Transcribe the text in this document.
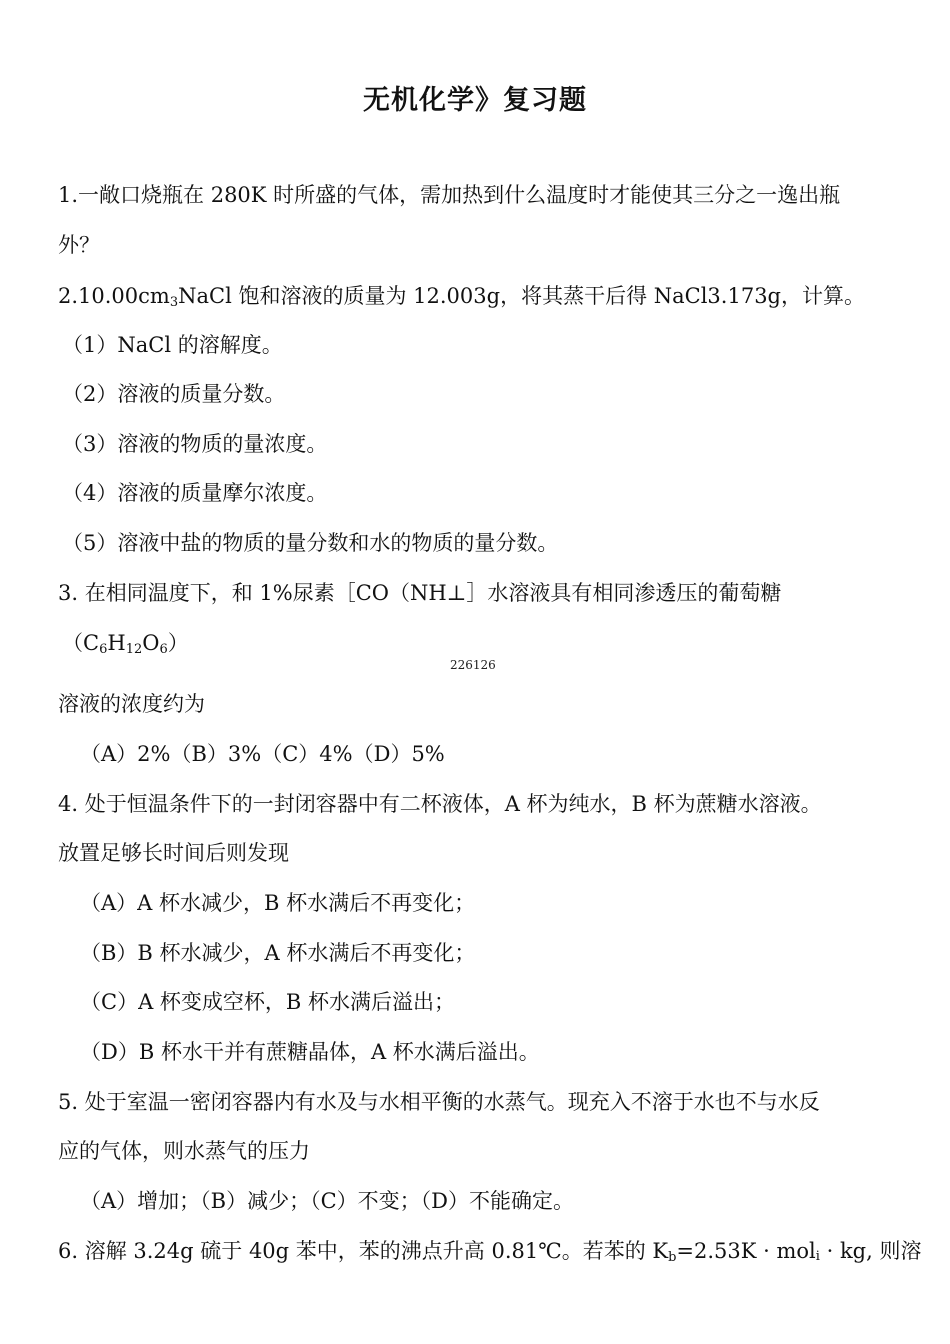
无机化学》复习题
1.一敞口烧瓶在 280K 时所盛的气体，需加热到什么温度时才能使其三分之一逸出瓶
外？
$2.10.00cm_3NaCl$ 饱和溶液的质量为 12.003g，将其蒸干后得 NaCl3.173g，计算。
（1）NaCl 的溶解度。
（2）溶液的质量分数。
（3）溶液的物质的量浓度。
（4）溶液的质量摩尔浓度。
（5）溶液中盐的物质的量分数和水的物质的量分数。
3. 在相同温度下，和 1%尿素［CO（NH⊥］水溶液具有相同渗透压的葡萄糖
$(C_6H_{12}O_6)$
226126
溶液的浓度约为
（A）2%（B）3%（C）4%（D）5%
4. 处于恒温条件下的一封闭容器中有二杯液体，A 杯为纯水，B 杯为蔗糖水溶液。
放置足够长时间后则发现
（A）A 杯水减少，B 杯水满后不再变化；
（B）B 杯水减少，A 杯水满后不再变化；
（C）A 杯变成空杯，B 杯水满后溢出；
（D）B 杯水干并有蔗糖晶体，A 杯水满后溢出。
5. 处于室温一密闭容器内有水及与水相平衡的水蒸气。现充入不溶于水也不与水反
应的气体，则水蒸气的压力
（A）增加；（B）减少；（C）不变；（D）不能确定。
6. 溶解 3.24g 硫于 40g 苯中，苯的沸点升高 0.81℃。若苯的 $K_b=2.53K \cdot mol_i$ · kg, 则溶
